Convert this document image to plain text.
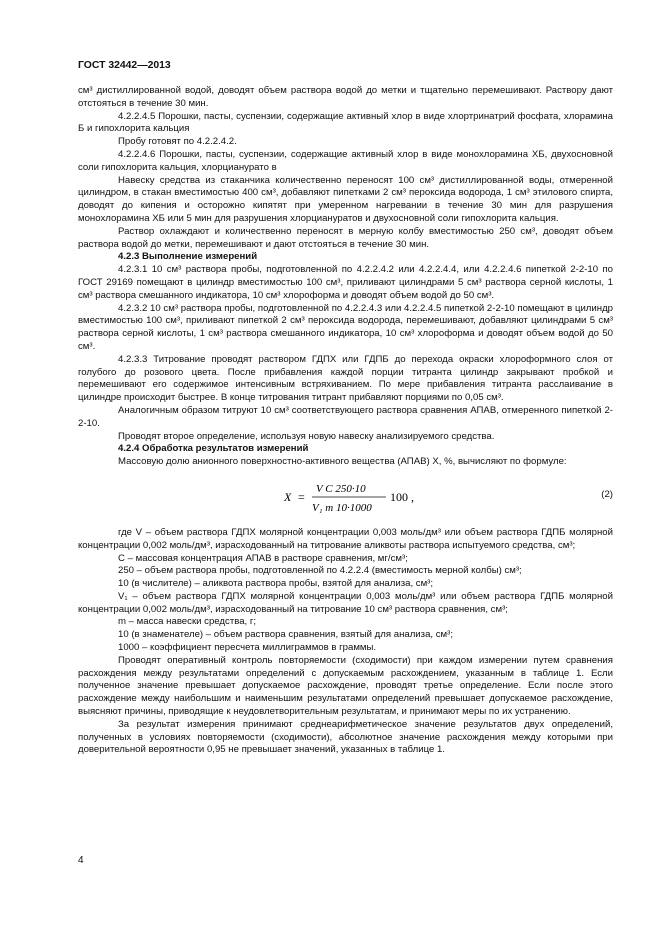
ГОСТ 32442—2013

см³ дистиллированной водой, доводят объем раствора водой до метки и тщательно перемешивают. Раствору дают отстояться в течение 30 мин.

4.2.2.4.5 Порошки, пасты, суспензии, содержащие активный хлор в виде хлортринатрий фосфата, хлорамина Б и гипохлорита кальция

Пробу готовят по 4.2.2.4.2.

4.2.2.4.6 Порошки, пасты, суспензии, содержащие активный хлор в виде монохлорамина ХБ, двухосновной соли гипохлорита кальция, хлорцианурато в

Навеску средства из стаканчика количественно переносят 100 см³ дистиллированной воды, отмеренной цилиндром, в стакан вместимостью 400 см³, добавляют пипетками 2 см³ пероксида водорода, 1 см³ этилового спирта, доводят до кипения и осторожно кипятят при умеренном нагревании в течение 30 мин для разрушения монохлорамина ХБ или 5 мин для разрушения хлорциануратов и двухосновной соли гипохлорита кальция.

Раствор охлаждают и количественно переносят в мерную колбу вместимостью 250 см³, доводят объем раствора водой до метки, перемешивают и дают отстояться в течение 30 мин.

4.2.3 Выполнение измерений

4.2.3.1 10 см³ раствора пробы, подготовленной по 4.2.2.4.2 или 4.2.2.4.4, или 4.2.2.4.6 пипеткой 2-2-10 по ГОСТ 29169 помещают в цилиндр вместимостью 100 см³, приливают цилиндрами 5 см³ раствора серной кислоты, 1 см³ раствора смешанного индикатора, 10 см³ хлороформа и доводят объем водой до 50 см³.

4.2.3.2 10 см³ раствора пробы, подготовленной по 4.2.2.4.3 или 4.2.2.4.5 пипеткой 2-2-10 помещают в цилиндр вместимостью 100 см³, приливают пипеткой 2 см³ пероксида водорода, перемешивают, добавляют цилиндрами 5 см³ раствора серной кислоты, 1 см³ раствора смешанного индикатора, 10 см³ хлороформа и доводят объем водой до 50 см³.

4.2.3.3 Титрование проводят раствором ГДПХ или ГДПБ до перехода окраски хлороформного слоя от голубого до розового цвета. После прибавления каждой порции титранта цилиндр закрывают пробкой и перемешивают его содержимое интенсивным встряхиванием. По мере прибавления титранта расслаивание в цилиндре происходит быстрее. В конце титрования титрант прибавляют порциями по 0,05 см³.

Аналогичным образом титруют 10 см³ соответствующего раствора сравнения АПАВ, отмеренного пипеткой 2-2-10.

Проводят второе определение, используя новую навеску анализируемого средства.

4.2.4 Обработка результатов измерений

Массовую долю анионного поверхностно-активного вещества (АПАВ) X, %, вычисляют по формуле:

X =
V C 250·10
V₁ m 10·1000
100 ,	(2)

где V – объем раствора ГДПХ молярной концентрации 0,003 моль/дм³ или объем раствора ГДПБ молярной концентрации 0,002 моль/дм³, израсходованный на титрование аликвоты раствора испытуемого средства, см³;

C – массовая концентрация АПАВ в растворе сравнения, мг/см³;

250 – объем раствора пробы, подготовленной по 4.2.2.4 (вместимость мерной колбы) см³;

10 (в числителе) – аликвота раствора пробы, взятой для анализа, см³;

V₁ – объем раствора ГДПХ молярной концентрации 0,003 моль/дм³ или объем раствора ГДПБ молярной концентрации 0,002 моль/дм³, израсходованный на титрование 10 см³ раствора сравнения, см³;

m – масса навески средства, г;

10 (в знаменателе) – объем раствора сравнения, взятый для анализа, см³;

1000 – коэффициент пересчета миллиграммов в граммы.

Проводят оперативный контроль повторяемости (сходимости) при каждом измерении путем сравнения расхождения между результатами определений с допускаемым расхождением, указанным в таблице 1. Если полученное значение превышает допускаемое расхождение, проводят третье определение. Если после этого расхождение между наибольшим и наименьшим результатами определений превышает допускаемое расхождение, выясняют причины, приводящие к неудовлетворительным результатам, и принимают меры по их устранению.

За результат измерения принимают среднеарифметическое значение результатов двух определений, полученных в условиях повторяемости (сходимости), абсолютное значение расхождения между которыми при доверительной вероятности 0,95 не превышает значений, указанных в таблице 1.

4
